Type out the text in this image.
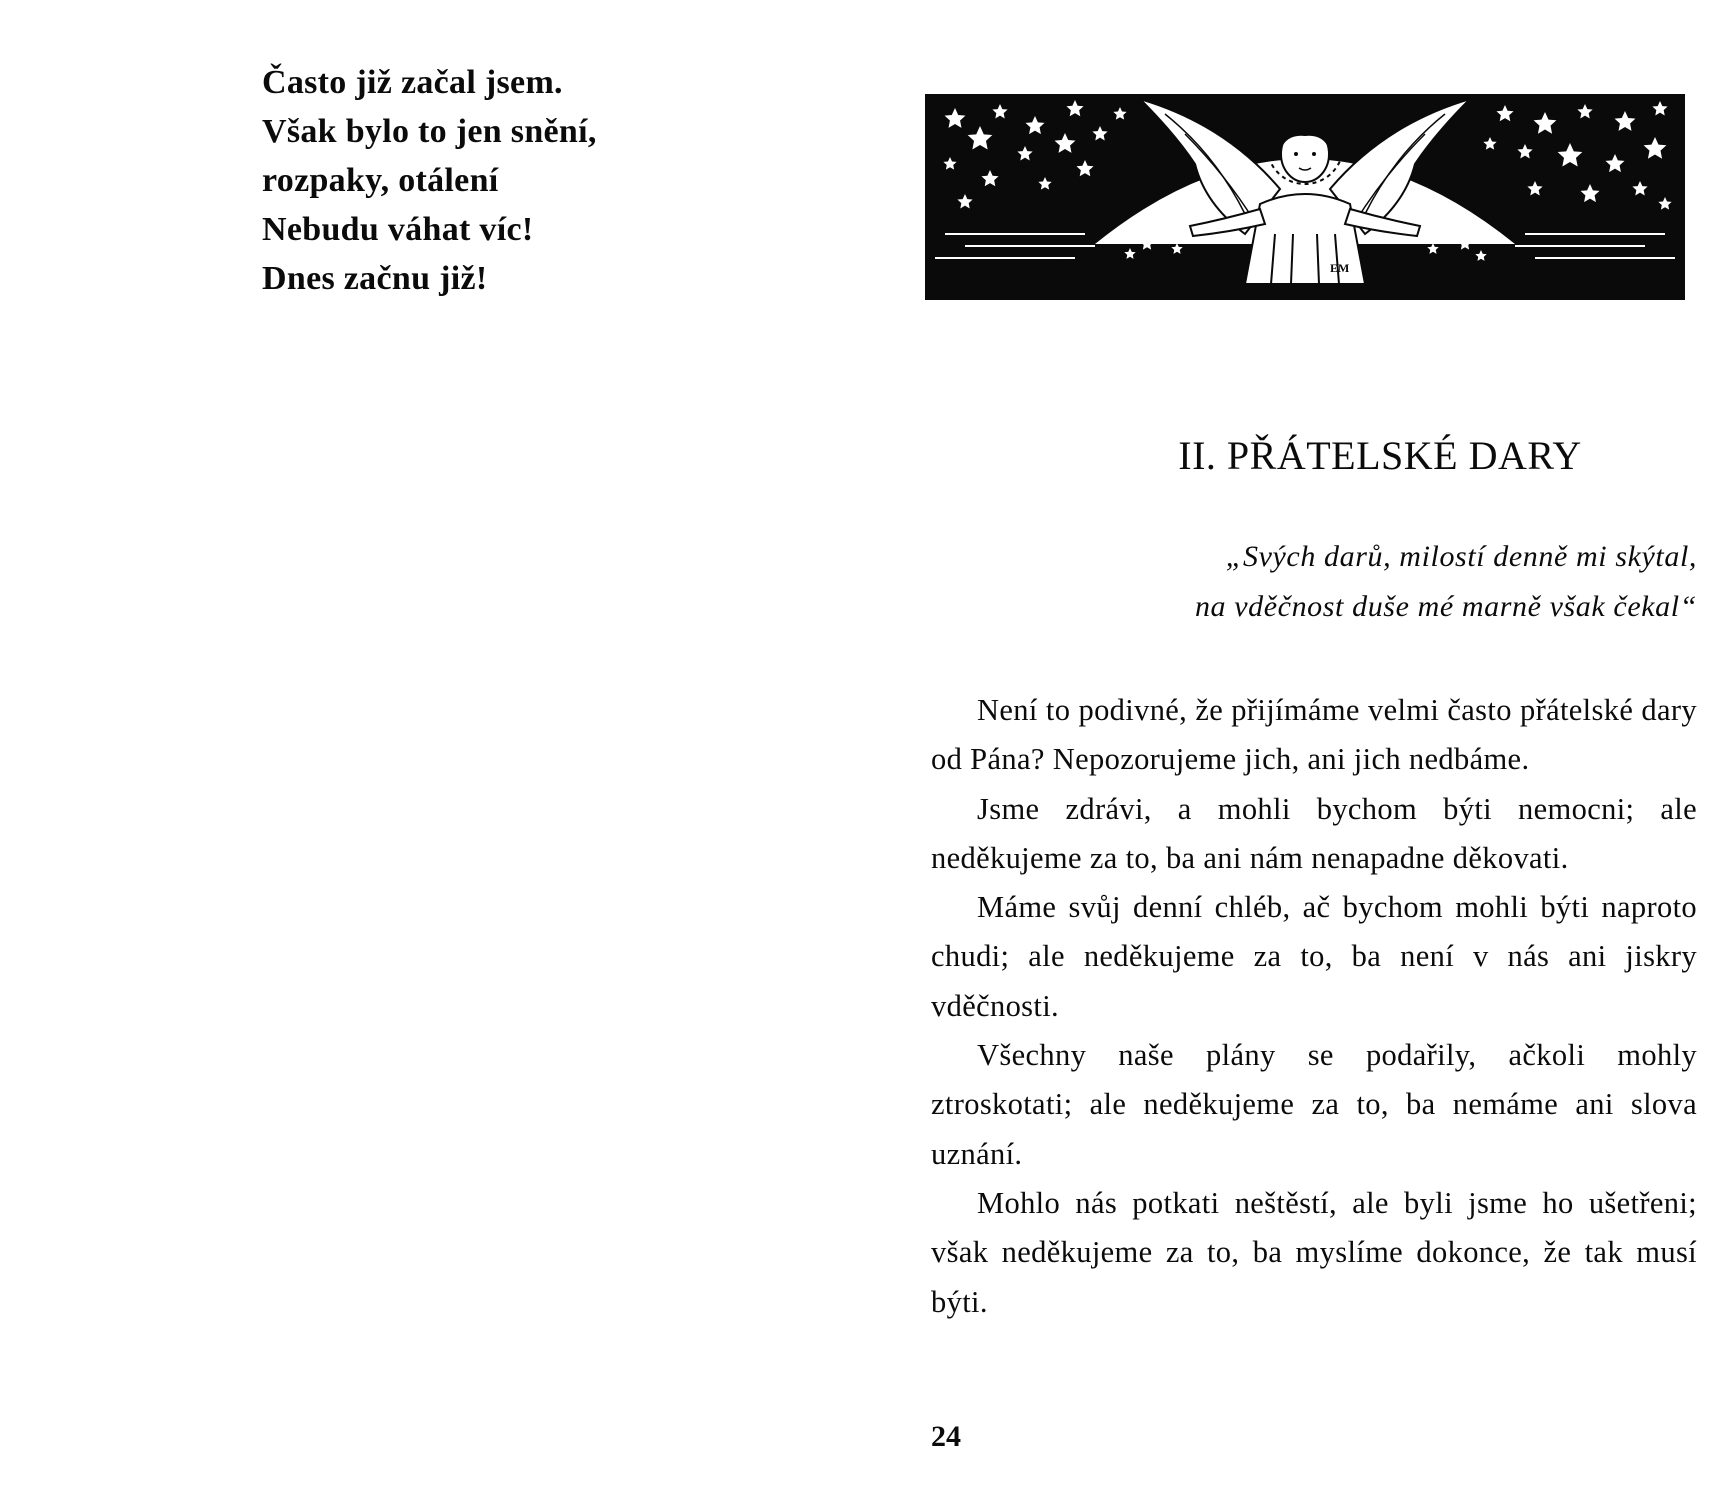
Často již začal jsem.
Však bylo to jen snění,
rozpaky, otálení
Nebudu váhat víc!
Dnes začnu již!	EM
II. PŘÁTELSKÉ DARY
„Svých darů, milostí denně mi skýtal,
na vděčnost duše mé marně však čekal“

Není to podivné, že přijímáme velmi často přátelské dary od Pána? Nepozorujeme jich, ani jich nedbáme.

Jsme zdrávi, a mohli bychom býti nemocni; ale neděkujeme za to, ba ani nám nenapadne děkovati.

Máme svůj denní chléb, ač bychom mohli býti naproto chudi; ale neděkujeme za to, ba není v nás ani jiskry vděčnosti.

Všechny naše plány se podařily, ačkoli mohly ztroskotati; ale neděkujeme za to, ba nemáme ani slova uznání.

Mohlo nás potkati neštěstí, ale byli jsme ho ušetřeni; však neděkujeme za to, ba myslíme dokonce, že tak musí býti.

24
